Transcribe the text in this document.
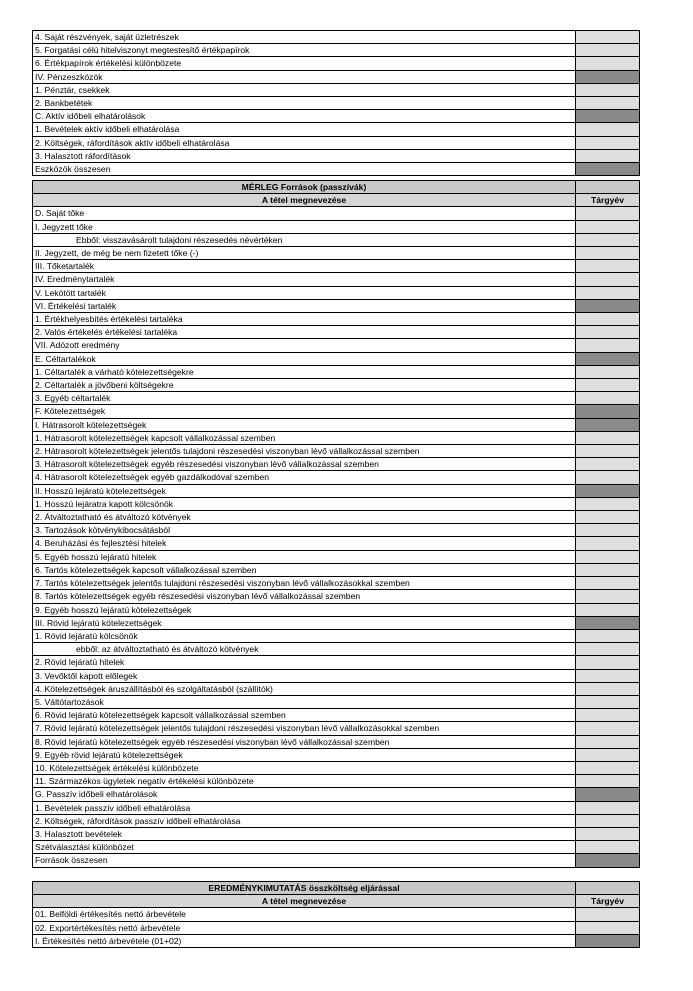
4. Saját részvények, saját üzletrészek	
5. Forgatási célú hitelviszonyt megtestesítő értékpapírok	
6. Értékpapírok értékelési különbözete	
IV. Pénzeszközök	
1. Pénztár, csekkek	
2. Bankbetétek	
C. Aktív időbeli elhatárolások	
1. Bevételek aktív időbeli elhatárolása	
2. Költségek, ráfordítások aktív időbeli elhatárolása	
3. Halasztott ráfordítások	
Eszközök összesen	
MÉRLEG Források (passzívák)	
A tétel megnevezése	Tárgyév
D. Saját tőke	
I. Jegyzett tőke	
Ebből: visszavásárolt tulajdoni részesedés névértéken	
II. Jegyzett, de még be nem fizetett tőke (-)	
III. Tőketartalék	
IV. Eredménytartalék	
V. Lekötött tartalék	
VI. Értékelési tartalék	
1. Értékhelyesbítés értékelési tartaléka	
2. Valós értékelés értékelési tartaléka	
VII. Adózott eredmény	
E. Céltartalékok	
1. Céltartalék a várható kötelezettségekre	
2. Céltartalék a jövőbeni költségekre	
3. Egyéb céltartalék	
F. Kötelezettségek	
I. Hátrasorolt kötelezettségek	
1. Hátrasorolt kötelezettségek kapcsolt vállalkozással szemben	
2. Hátrasorolt kötelezettségek jelentős tulajdoni részesedési viszonyban lévő vállalkozással szemben	
3. Hátrasorolt kötelezettségek egyéb részesedési viszonyban lévő vállalkozással szemben	
4. Hátrasorolt kötelezettségek egyéb gazdálkodóval szemben	
II. Hosszú lejáratú kötelezettségek	
1. Hosszú lejáratra kapott kölcsönök	
2. Átváltoztatható és átváltozó kötvények	
3. Tartozások kötvénykibocsátásból	
4. Beruházási és fejlesztési hitelek	
5. Egyéb hosszú lejáratú hitelek	
6. Tartós kötelezettségek kapcsolt vállalkozással szemben	
7. Tartós kötelezettségek jelentős tulajdoni részesedési viszonyban lévő vállalkozásokkal szemben	
8. Tartós kötelezettségek egyéb részesedési viszonyban lévő vállalkozással szemben	
9. Egyéb hosszú lejáratú kötelezettségek	
III. Rövid lejáratú kötelezettségek	
1. Rövid lejáratú kölcsönök	
ebből: az átváltoztatható és átváltozó kötvények	
2. Rövid lejáratú hitelek	
3. Vevőktől kapott előlegek	
4. Kötelezettségek áruszállításból és szolgáltatásból (szállítók)	
5. Váltótartozások	
6. Rövid lejáratú kötelezettségek kapcsolt vállalkozással szemben	
7. Rövid lejáratú kötelezettségek jelentős tulajdoni részesedési viszonyban lévő vállalkozásokkal szemben	
8. Rövid lejáratú kötelezettségek egyéb részesedési viszonyban lévő vállalkozással szemben	
9. Egyéb rövid lejáratú kötelezettségek	
10. Kötelezettségek értékelési különbözete	
11. Származékos ügyletek negatív értékelési különbözete	
G. Passzív időbeli elhatárolások	
1. Bevételek passzív időbeli elhatárolása	
2. Költségek, ráfordítások passzív időbeli elhatárolása	
3. Halasztott bevételek	
Szétválasztási különbözet	
Források összesen	
EREDMÉNYKIMUTATÁS összköltség eljárással	
A tétel megnevezése	Tárgyév
01. Belföldi értékesítés nettó árbevétele	
02. Exportértékesítés nettó árbevétele	
I. Értékesítés nettó árbevétele (01+02)	
